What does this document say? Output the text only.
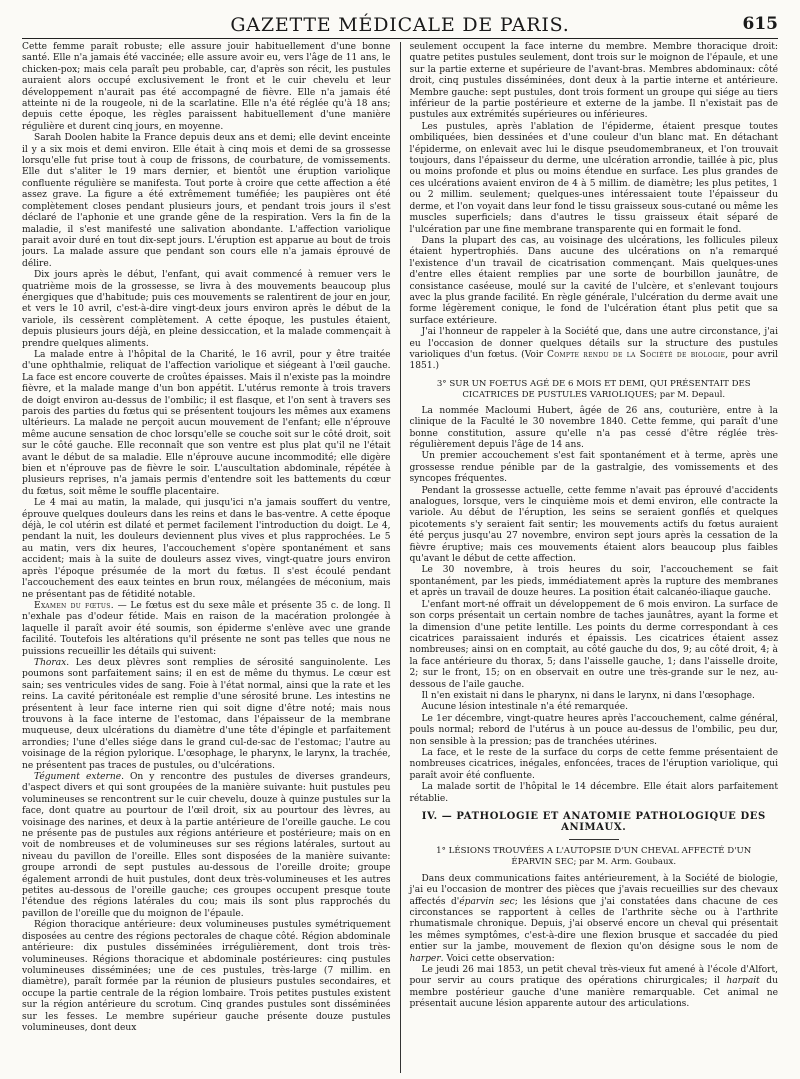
GAZETTE MÉDICALE DE PARIS.	615

Cette femme paraît robuste; elle assure jouir habituellement d'une bonne santé. Elle n'a jamais été vaccinée; elle assure avoir eu, vers l'âge de 11 ans, le chicken-pox; mais cela paraît peu probable, car, d'après son récit, les pustules auraient alors occupé exclusivement le front et le cuir chevelu et leur développement n'aurait pas été accompagné de fièvre. Elle n'a jamais été atteinte ni de la rougeole, ni de la scarlatine. Elle n'a été réglée qu'à 18 ans; depuis cette époque, les règles paraissent habituellement d'une manière régulière et durent cinq jours, en moyenne.

Sarah Doolen habite la France depuis deux ans et demi; elle devint enceinte il y a six mois et demi environ. Elle était à cinq mois et demi de sa grossesse lorsqu'elle fut prise tout à coup de frissons, de courbature, de vomissements. Elle dut s'aliter le 19 mars dernier, et bientôt une éruption variolique confluente régulière se manifesta. Tout porte à croire que cette affection a été assez grave. La figure a été extrêmement tuméfiée; les paupières ont été complètement closes pendant plusieurs jours, et pendant trois jours il s'est déclaré de l'aphonie et une grande gêne de la respiration. Vers la fin de la maladie, il s'est manifesté une salivation abondante. L'affection variolique parait avoir duré en tout dix-sept jours. L'éruption est apparue au bout de trois jours. La malade assure que pendant son cours elle n'a jamais éprouvé de délire.

Dix jours après le début, l'enfant, qui avait commencé à remuer vers le quatrième mois de la grossesse, se livra à des mouvements beaucoup plus énergiques que d'habitude; puis ces mouvements se ralentirent de jour en jour, et vers le 10 avril, c'est-à-dire vingt-deux jours environ après le début de la variole, ils cessèrent complètement. A cette époque, les pustules étaient, depuis plusieurs jours déjà, en pleine dessiccation, et la malade commençait à prendre quelques aliments.

La malade entre à l'hôpital de la Charité, le 16 avril, pour y être traitée d'une ophthalmie, reliquat de l'affection variolique et siégeant à l'œil gauche. La face est encore couverte de croûtes épaisses. Mais il n'existe pas la moindre fièvre, et la malade mange d'un bon appétit. L'utérus remonte à trois travers de doigt environ au-dessus de l'ombilic; il est flasque, et l'on sent à travers ses parois des parties du fœtus qui se présentent toujours les mêmes aux examens ultérieurs. La malade ne perçoit aucun mouvement de l'enfant; elle n'éprouve même aucune sensation de choc lorsqu'elle se couche soit sur le côté droit, soit sur le côté gauche. Elle reconnaît que son ventre est plus plat qu'il ne l'était avant le début de sa maladie. Elle n'éprouve aucune incommodité; elle digère bien et n'éprouve pas de fièvre le soir. L'auscultation abdominale, répétée à plusieurs reprises, n'a jamais permis d'entendre soit les battements du cœur du fœtus, soit même le souffle placentaire.

Le 4 mai au matin, la malade, qui jusqu'ici n'a jamais souffert du ventre, éprouve quelques douleurs dans les reins et dans le bas-ventre. A cette époque déjà, le col utérin est dilaté et permet facilement l'introduction du doigt. Le 4, pendant la nuit, les douleurs deviennent plus vives et plus rapprochées. Le 5 au matin, vers dix heures, l'accouchement s'opère spontanément et sans accident; mais à la suite de douleurs assez vives, vingt-quatre jours environ après l'époque présumée de la mort du fœtus. Il s'est écoulé pendant l'accouchement des eaux teintes en brun roux, mélangées de méconium, mais ne présentant pas de fétidité notable.

Examen du fœtus. — Le fœtus est du sexe mâle et présente 35 c. de long. Il n'exhale pas d'odeur fétide. Mais en raison de la macération prolongée à laquelle il paraît avoir été soumis, son épiderme s'enlève avec une grande facilité. Toutefois les altérations qu'il présente ne sont pas telles que nous ne puissions recueillir les détails qui suivent:

Thorax. Les deux plèvres sont remplies de sérosité sanguinolente. Les poumons sont parfaitement sains; il en est de même du thymus. Le cœur est sain; ses ventricules vides de sang. Foie à l'état normal, ainsi que la rate et les reins. La cavité péritonéale est remplie d'une sérosité brune. Les intestins ne présentent à leur face interne rien qui soit digne d'être noté; mais nous trouvons à la face interne de l'estomac, dans l'épaisseur de la membrane muqueuse, deux ulcérations du diamètre d'une tête d'épingle et parfaitement arrondies; l'une d'elles siége dans le grand cul-de-sac de l'estomac; l'autre au voisinage de la région pylorique. L'œsophage, le pharynx, le larynx, la trachée, ne présentent pas traces de pustules, ou d'ulcérations.

Tégument externe. On y rencontre des pustules de diverses grandeurs, d'aspect divers et qui sont groupées de la manière suivante: huit pustules peu volumineuses se rencontrent sur le cuir chevelu, douze à quinze pustules sur la face, dont quatre au pourtour de l'œil droit, six au pourtour des lèvres, au voisinage des narines, et deux à la partie antérieure de l'oreille gauche. Le cou ne présente pas de pustules aux régions antérieure et postérieure; mais on en voit de nombreuses et de volumineuses sur ses régions latérales, surtout au niveau du pavillon de l'oreille. Elles sont disposées de la manière suivante: groupe arrondi de sept pustules au-dessous de l'oreille droite; groupe également arrondi de huit pustules, dont deux très-volumineuses et les autres petites au-dessous de l'oreille gauche; ces groupes occupent presque toute l'étendue des régions latérales du cou; mais ils sont plus rapprochés du pavillon de l'oreille que du moignon de l'épaule.

Région thoracique antérieure: deux volumineuses pustules symétriquement disposées au centre des régions pectorales de chaque côté. Région abdominale antérieure: dix pustules disséminées irrégulièrement, dont trois très-volumineuses. Régions thoracique et abdominale postérieures: cinq pustules volumineuses disséminées; une de ces pustules, très-large (7 millim. en diamètre), paraît formée par la réunion de plusieurs pustules secondaires, et occupe la partie centrale de la région lombaire. Trois petites pustules existent sur la région antérieure du scrotum. Cinq grandes pustules sont disséminées sur les fesses. Le membre supérieur gauche présente douze pustules volumineuses, dont deux

seulement occupent la face interne du membre. Membre thoracique droit: quatre petites pustules seulement, dont trois sur le moignon de l'épaule, et une sur la partie externe et supérieure de l'avant-bras. Membres abdominaux: côté droit, cinq pustules disséminées, dont deux à la partie interne et antérieure. Membre gauche: sept pustules, dont trois forment un groupe qui siége au tiers inférieur de la partie postérieure et externe de la jambe. Il n'existait pas de pustules aux extrémités supérieures ou inférieures.

Les pustules, après l'ablation de l'épiderme, étaient presque toutes ombiliquées, bien dessinées et d'une couleur d'un blanc mat. En détachant l'épiderme, on enlevait avec lui le disque pseudomembraneux, et l'on trouvait toujours, dans l'épaisseur du derme, une ulcération arrondie, taillée à pic, plus ou moins profonde et plus ou moins étendue en surface. Les plus grandes de ces ulcérations avaient environ de 4 à 5 millim. de diamètre; les plus petites, 1 ou 2 millim. seulement; quelques-unes intéressaient toute l'épaisseur du derme, et l'on voyait dans leur fond le tissu graisseux sous-cutané ou même les muscles superficiels; dans d'autres le tissu graisseux était séparé de l'ulcération par une fine membrane transparente qui en formait le fond.

Dans la plupart des cas, au voisinage des ulcérations, les follicules pileux étaient hypertrophiés. Dans aucune des ulcérations on n'a remarqué l'existence d'un travail de cicatrisation commençant. Mais quelques-unes d'entre elles étaient remplies par une sorte de bourbillon jaunâtre, de consistance caséeuse, moulé sur la cavité de l'ulcère, et s'enlevant toujours avec la plus grande facilité. En règle générale, l'ulcération du derme avait une forme légèrement conique, le fond de l'ulcération étant plus petit que sa surface extérieure.

J'ai l'honneur de rappeler à la Société que, dans une autre circonstance, j'ai eu l'occasion de donner quelques détails sur la structure des pustules varioliques d'un fœtus. (Voir Compte rendu de la Société de biologie, pour avril 1851.)

3° SUR UN FOETUS AGÉ DE 6 MOIS ET DEMI, QUI PRÉSENTAIT DES CICATRICES DE PUSTULES VARIOLIQUES; par M. Depaul.

La nommée Macloumi Hubert, âgée de 26 ans, couturière, entre à la clinique de la Faculté le 30 novembre 1840. Cette femme, qui paraît d'une bonne constitution, assure qu'elle n'a pas cessé d'être réglée très-régulièrement depuis l'âge de 14 ans.

Un premier accouchement s'est fait spontanément et à terme, après une grossesse rendue pénible par de la gastralgie, des vomissements et des syncopes fréquentes.

Pendant la grossesse actuelle, cette femme n'avait pas éprouvé d'accidents analogues, lorsque, vers le cinquième mois et demi environ, elle contracte la variole. Au début de l'éruption, les seins se seraient gonflés et quelques picotements s'y seraient fait sentir; les mouvements actifs du fœtus auraient été perçus jusqu'au 27 novembre, environ sept jours après la cessation de la fièvre éruptive; mais ces mouvements étaient alors beaucoup plus faibles qu'avant le début de cette affection.

Le 30 novembre, à trois heures du soir, l'accouchement se fait spontanément, par les pieds, immédiatement après la rupture des membranes et après un travail de douze heures. La position était calcanéo-iliaque gauche.

L'enfant mort-né offrait un développement de 6 mois environ. La surface de son corps présentait un certain nombre de taches jaunâtres, ayant la forme et la dimension d'une petite lentille. Les points du derme correspondant à ces cicatrices paraissaient indurés et épaissis. Les cicatrices étaient assez nombreuses; ainsi on en comptait, au côté gauche du dos, 9; au côté droit, 4; à la face antérieure du thorax, 5; dans l'aisselle gauche, 1; dans l'aisselle droite, 2; sur le front, 15; on en observait en outre une très-grande sur le nez, au-dessous de l'aile gauche.

Il n'en existait ni dans le pharynx, ni dans le larynx, ni dans l'œsophage.

Aucune lésion intestinale n'a été remarquée.

Le 1er décembre, vingt-quatre heures après l'accouchement, calme général, pouls normal; rebord de l'utérus à un pouce au-dessus de l'ombilic, peu dur, non sensible à la pression; pas de tranchées utérines.

La face, et le reste de la surface du corps de cette femme présentaient de nombreuses cicatrices, inégales, enfoncées, traces de l'éruption variolique, qui paraît avoir été confluente.

La malade sortit de l'hôpital le 14 décembre. Elle était alors parfaitement rétablie.

IV. — PATHOLOGIE ET ANATOMIE PATHOLOGIQUE DES ANIMAUX.

1° LÉSIONS TROUVÉES A L'AUTOPSIE D'UN CHEVAL AFFECTÉ D'UN ÉPARVIN SEC; par M. Arm. Goubaux.

Dans deux communications faites antérieurement, à la Société de biologie, j'ai eu l'occasion de montrer des pièces que j'avais recueillies sur des chevaux affectés d'éparvin sec; les lésions que j'ai constatées dans chacune de ces circonstances se rapportent à celles de l'arthrite sèche ou à l'arthrite rhumatismale chronique. Depuis, j'ai observé encore un cheval qui présentait les mêmes symptômes, c'est-à-dire une flexion brusque et saccadée du pied entier sur la jambe, mouvement de flexion qu'on désigne sous le nom de harper. Voici cette observation:

Le jeudi 26 mai 1853, un petit cheval très-vieux fut amené à l'école d'Alfort, pour servir au cours pratique des opérations chirurgicales; il harpait du membre postérieur gauche d'une manière remarquable. Cet animal ne présentait aucune lésion apparente autour des articulations.
